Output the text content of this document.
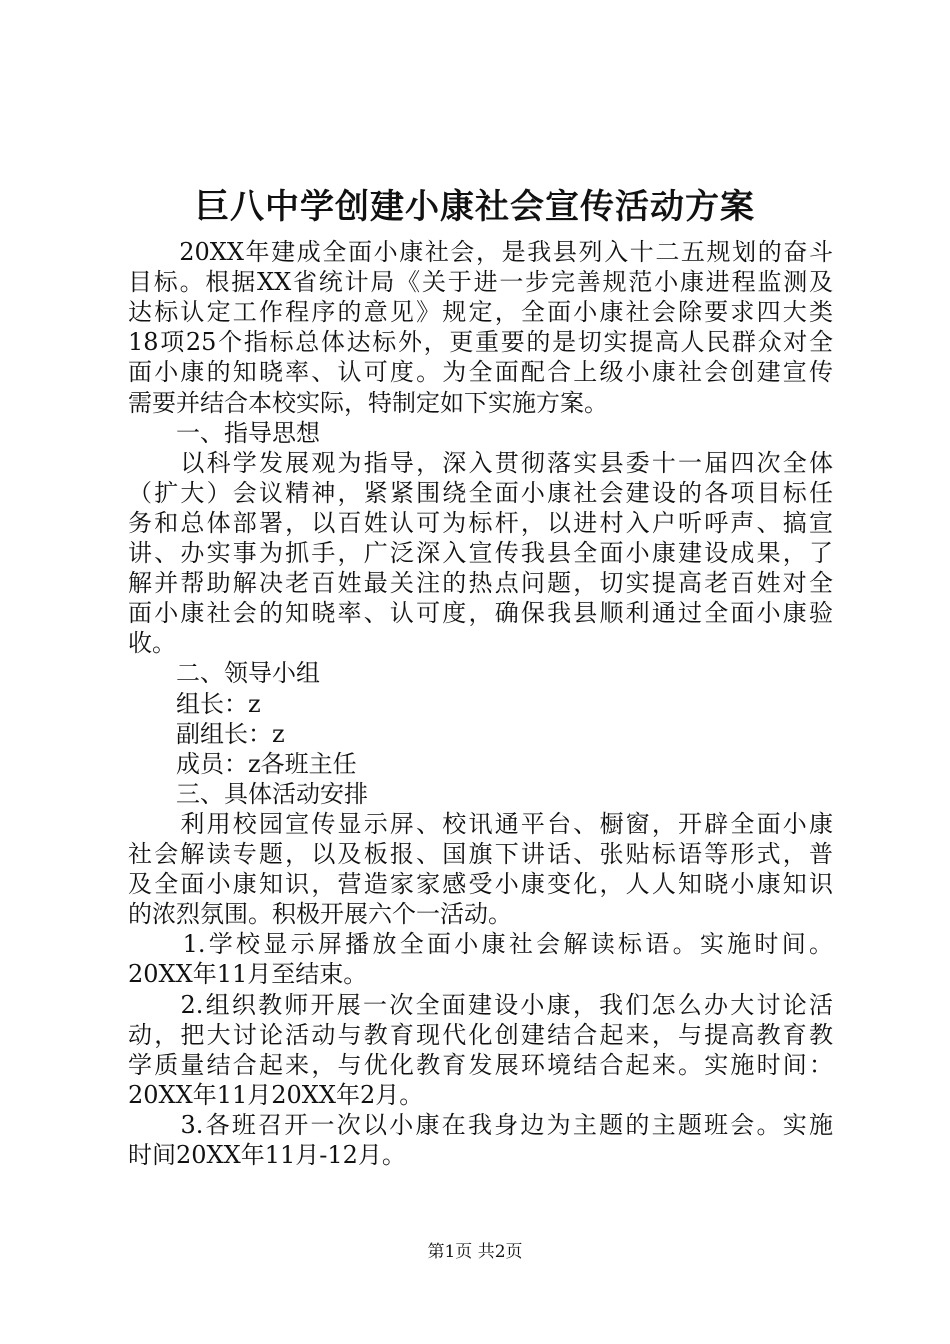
巨八中学创建小康社会宣传活动方案
　　20XX年建成全面小康社会，是我县列入十二五规划的奋斗
目标。根据XX省统计局《关于进一步完善规范小康进程监测及
达标认定工作程序的意见》规定，全面小康社会除要求四大类
18项25个指标总体达标外，更重要的是切实提高人民群众对全
面小康的知晓率、认可度。为全面配合上级小康社会创建宣传
需要并结合本校实际，特制定如下实施方案。
　　一、指导思想
　　以科学发展观为指导，深入贯彻落实县委十一届四次全体
（扩大）会议精神，紧紧围绕全面小康社会建设的各项目标任
务和总体部署，以百姓认可为标杆，以进村入户听呼声、搞宣
讲、办实事为抓手，广泛深入宣传我县全面小康建设成果，了
解并帮助解决老百姓最关注的热点问题，切实提高老百姓对全
面小康社会的知晓率、认可度，确保我县顺利通过全面小康验
收。
　　二、领导小组
　　组长：z
　　副组长：z
　　成员：z各班主任
　　三、具体活动安排
　　利用校园宣传显示屏、校讯通平台、橱窗，开辟全面小康
社会解读专题，以及板报、国旗下讲话、张贴标语等形式，普
及全面小康知识，营造家家感受小康变化，人人知晓小康知识
的浓烈氛围。积极开展六个一活动。
　　1.学校显示屏播放全面小康社会解读标语。实施时间。
20XX年11月至结束。
　　2.组织教师开展一次全面建设小康，我们怎么办大讨论活
动，把大讨论活动与教育现代化创建结合起来，与提高教育教
学质量结合起来，与优化教育发展环境结合起来。实施时间：
20XX年11月20XX年2月。
　　3.各班召开一次以小康在我身边为主题的主题班会。实施
时间20XX年11月-12月。
第1页 共2页
